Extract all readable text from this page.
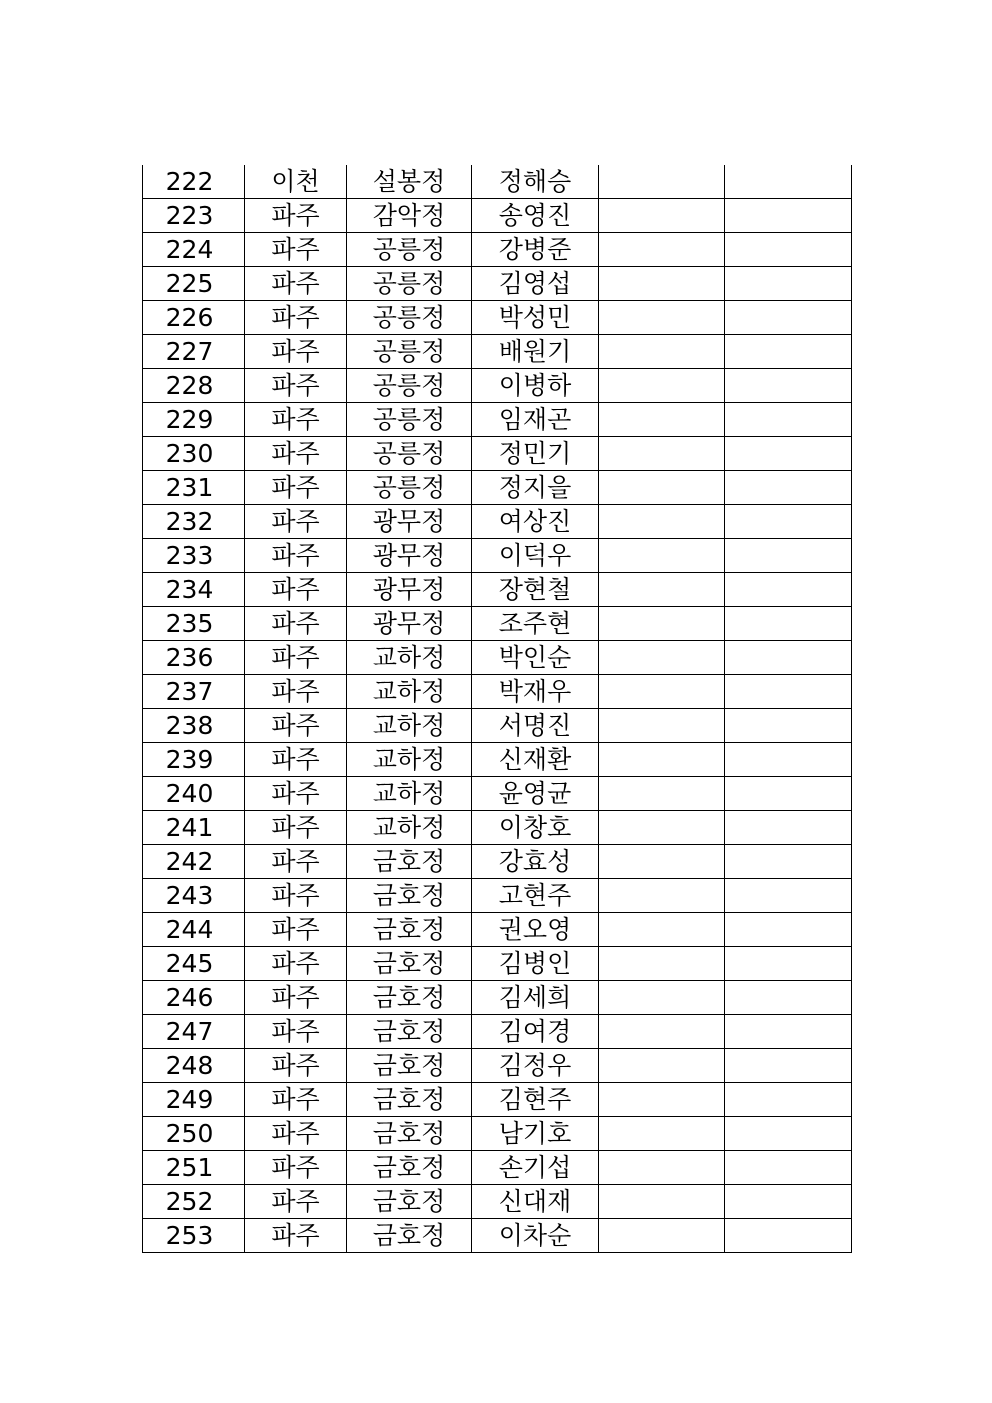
222	이천	설봉정	정해승		
223	파주	감악정	송영진		
224	파주	공릉정	강병준		
225	파주	공릉정	김영섭		
226	파주	공릉정	박성민		
227	파주	공릉정	배원기		
228	파주	공릉정	이병하		
229	파주	공릉정	임재곤		
230	파주	공릉정	정민기		
231	파주	공릉정	정지을		
232	파주	광무정	여상진		
233	파주	광무정	이덕우		
234	파주	광무정	장현철		
235	파주	광무정	조주현		
236	파주	교하정	박인순		
237	파주	교하정	박재우		
238	파주	교하정	서명진		
239	파주	교하정	신재환		
240	파주	교하정	윤영균		
241	파주	교하정	이창호		
242	파주	금호정	강효성		
243	파주	금호정	고현주		
244	파주	금호정	권오영		
245	파주	금호정	김병인		
246	파주	금호정	김세희		
247	파주	금호정	김여경		
248	파주	금호정	김정우		
249	파주	금호정	김현주		
250	파주	금호정	남기호		
251	파주	금호정	손기섭		
252	파주	금호정	신대재		
253	파주	금호정	이차순		
